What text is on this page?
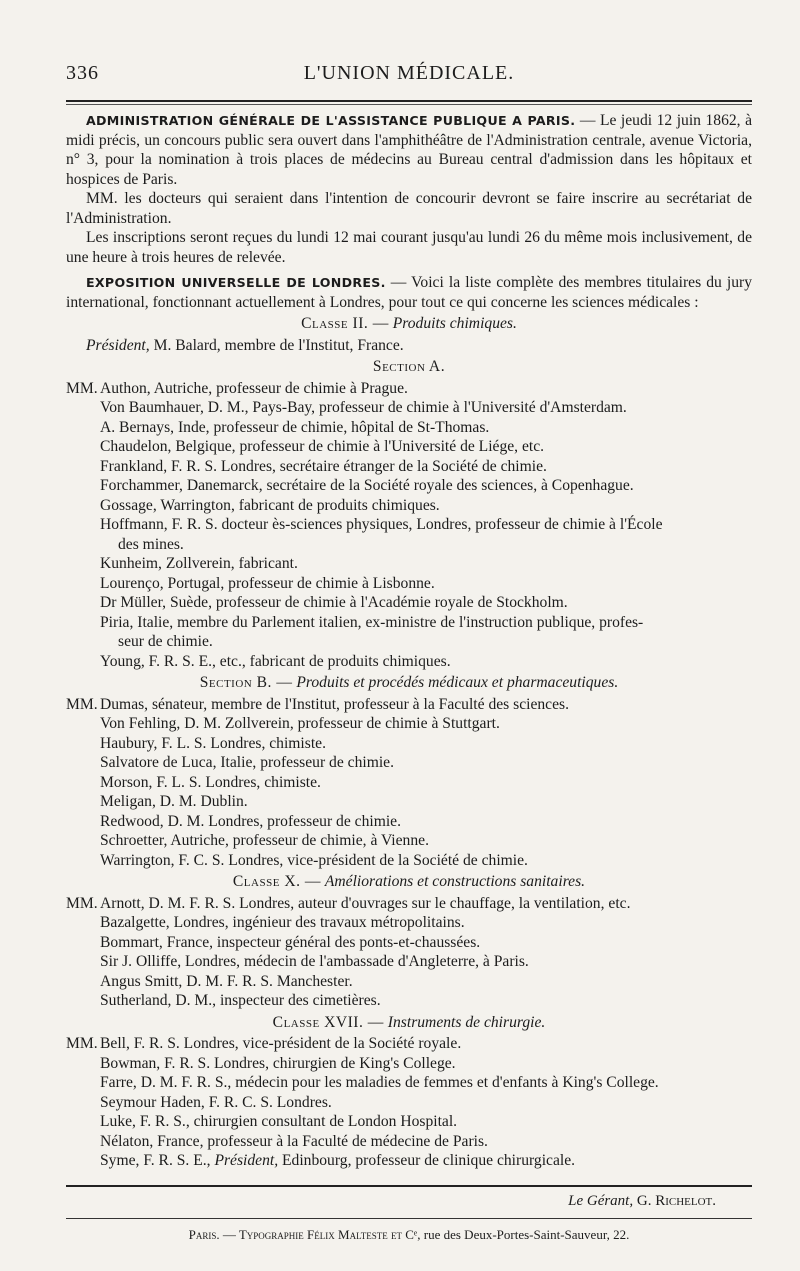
336	L'UNION MÉDICALE.

ADMINISTRATION GÉNÉRALE DE L'ASSISTANCE PUBLIQUE A PARIS. — Le jeudi 12 juin 1862, à midi précis, un concours public sera ouvert dans l'amphithéâtre de l'Administration centrale, avenue Victoria, n° 3, pour la nomination à trois places de médecins au Bureau central d'admission dans les hôpitaux et hospices de Paris.

MM. les docteurs qui seraient dans l'intention de concourir devront se faire inscrire au secrétariat de l'Administration.

Les inscriptions seront reçues du lundi 12 mai courant jusqu'au lundi 26 du même mois inclusivement, de une heure à trois heures de relevée.

EXPOSITION UNIVERSELLE DE LONDRES. — Voici la liste complète des membres titulaires du jury international, fonctionnant actuellement à Londres, pour tout ce qui concerne les sciences médicales :

Classe II. — Produits chimiques.

Président, M. Balard, membre de l'Institut, France.

Section A.

MM. Authon, Autriche, professeur de chimie à Prague.
Von Baumhauer, D. M., Pays-Bay, professeur de chimie à l'Université d'Amsterdam.
A. Bernays, Inde, professeur de chimie, hôpital de St-Thomas.
Chaudelon, Belgique, professeur de chimie à l'Université de Liége, etc.
Frankland, F. R. S. Londres, secrétaire étranger de la Société de chimie.
Forchammer, Danemarck, secrétaire de la Société royale des sciences, à Copenhague.
Gossage, Warrington, fabricant de produits chimiques.
Hoffmann, F. R. S. docteur ès-sciences physiques, Londres, professeur de chimie à l'École
des mines.
Kunheim, Zollverein, fabricant.
Lourenço, Portugal, professeur de chimie à Lisbonne.
Dr Müller, Suède, professeur de chimie à l'Académie royale de Stockholm.
Piria, Italie, membre du Parlement italien, ex-ministre de l'instruction publique, profes-
seur de chimie.
Young, F. R. S. E., etc., fabricant de produits chimiques.

Section B. — Produits et procédés médicaux et pharmaceutiques.

MM. Dumas, sénateur, membre de l'Institut, professeur à la Faculté des sciences.
Von Fehling, D. M. Zollverein, professeur de chimie à Stuttgart.
Haubury, F. L. S. Londres, chimiste.
Salvatore de Luca, Italie, professeur de chimie.
Morson, F. L. S. Londres, chimiste.
Meligan, D. M. Dublin.
Redwood, D. M. Londres, professeur de chimie.
Schroetter, Autriche, professeur de chimie, à Vienne.
Warrington, F. C. S. Londres, vice-président de la Société de chimie.

Classe X. — Améliorations et constructions sanitaires.

MM. Arnott, D. M. F. R. S. Londres, auteur d'ouvrages sur le chauffage, la ventilation, etc.
Bazalgette, Londres, ingénieur des travaux métropolitains.
Bommart, France, inspecteur général des ponts-et-chaussées.
Sir J. Olliffe, Londres, médecin de l'ambassade d'Angleterre, à Paris.
Angus Smitt, D. M. F. R. S. Manchester.
Sutherland, D. M., inspecteur des cimetières.

Classe XVII. — Instruments de chirurgie.

MM. Bell, F. R. S. Londres, vice-président de la Société royale.
Bowman, F. R. S. Londres, chirurgien de King's College.
Farre, D. M. F. R. S., médecin pour les maladies de femmes et d'enfants à King's College.
Seymour Haden, F. R. C. S. Londres.
Luke, F. R. S., chirurgien consultant de London Hospital.
Nélaton, France, professeur à la Faculté de médecine de Paris.
Syme, F. R. S. E., Président, Edinbourg, professeur de clinique chirurgicale.
Le Gérant, G. Richelot.
Paris. — Typographie Félix Malteste et Cᵉ, rue des Deux-Portes-Saint-Sauveur, 22.
